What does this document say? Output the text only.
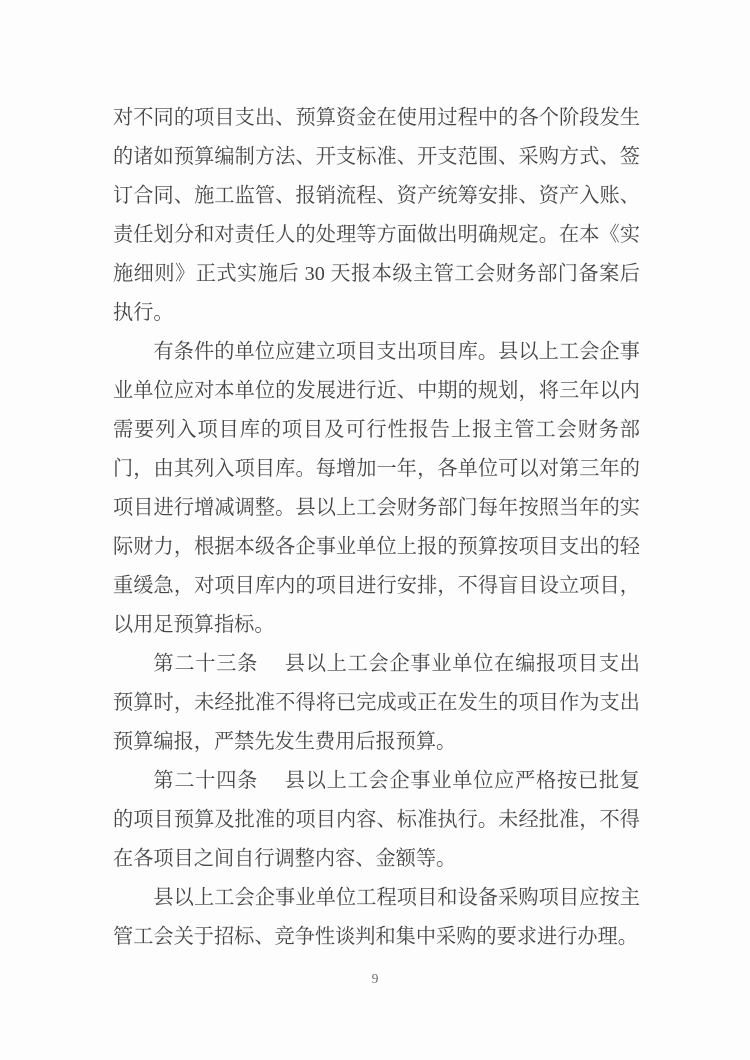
对不同的项目支出、预算资金在使用过程中的各个阶段发生的诸如预算编制方法、开支标准、开支范围、采购方式、签订合同、施工监管、报销流程、资产统筹安排、资产入账、责任划分和对责任人的处理等方面做出明确规定。在本《实施细则》正式实施后 30 天报本级主管工会财务部门备案后执行。

有条件的单位应建立项目支出项目库。县以上工会企事业单位应对本单位的发展进行近、中期的规划，将三年以内需要列入项目库的项目及可行性报告上报主管工会财务部门，由其列入项目库。每增加一年，各单位可以对第三年的项目进行增减调整。县以上工会财务部门每年按照当年的实际财力，根据本级各企事业单位上报的预算按项目支出的轻重缓急，对项目库内的项目进行安排，不得盲目设立项目，以用足预算指标。

第二十三条　 县以上工会企事业单位在编报项目支出预算时，未经批准不得将已完成或正在发生的项目作为支出预算编报，严禁先发生费用后报预算。

第二十四条　 县以上工会企事业单位应严格按已批复的项目预算及批准的项目内容、标准执行。未经批准，不得在各项目之间自行调整内容、金额等。

县以上工会企事业单位工程项目和设备采购项目应按主管工会关于招标、竞争性谈判和集中采购的要求进行办理。

9
